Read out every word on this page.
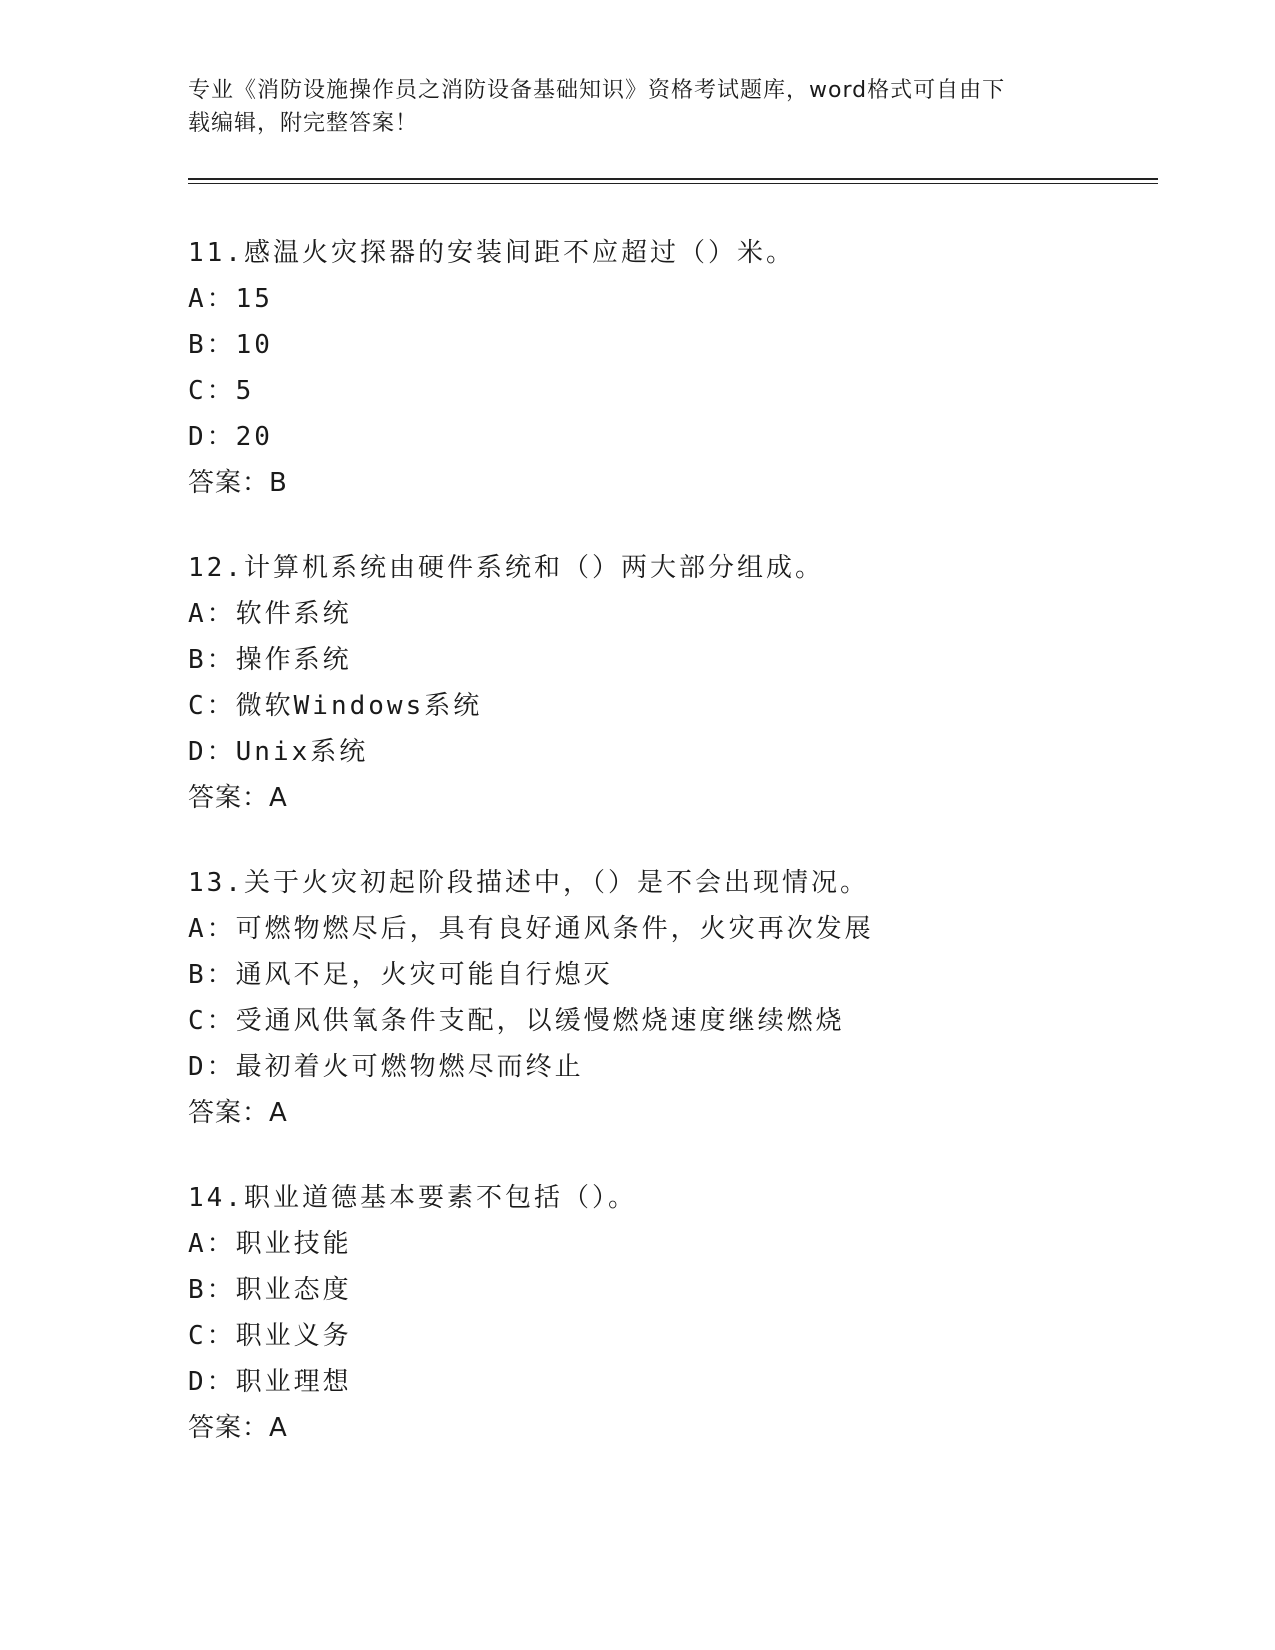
专业《消防设施操作员之消防设备基础知识》资格考试题库，word格式可自由下
载编辑，附完整答案！
11.感温火灾探器的安装间距不应超过（）米。
A：15
B：10
C：5
D：20
答案：B
12.计算机系统由硬件系统和（）两大部分组成。
A：软件系统
B：操作系统
C：微软Windows系统
D：Unix系统
答案：A
13.关于火灾初起阶段描述中，（）是不会出现情况。
A：可燃物燃尽后，具有良好通风条件，火灾再次发展
B：通风不足，火灾可能自行熄灭
C：受通风供氧条件支配，以缓慢燃烧速度继续燃烧
D：最初着火可燃物燃尽而终止
答案：A
14.职业道德基本要素不包括（）。
A：职业技能
B：职业态度
C：职业义务
D：职业理想
答案：A
